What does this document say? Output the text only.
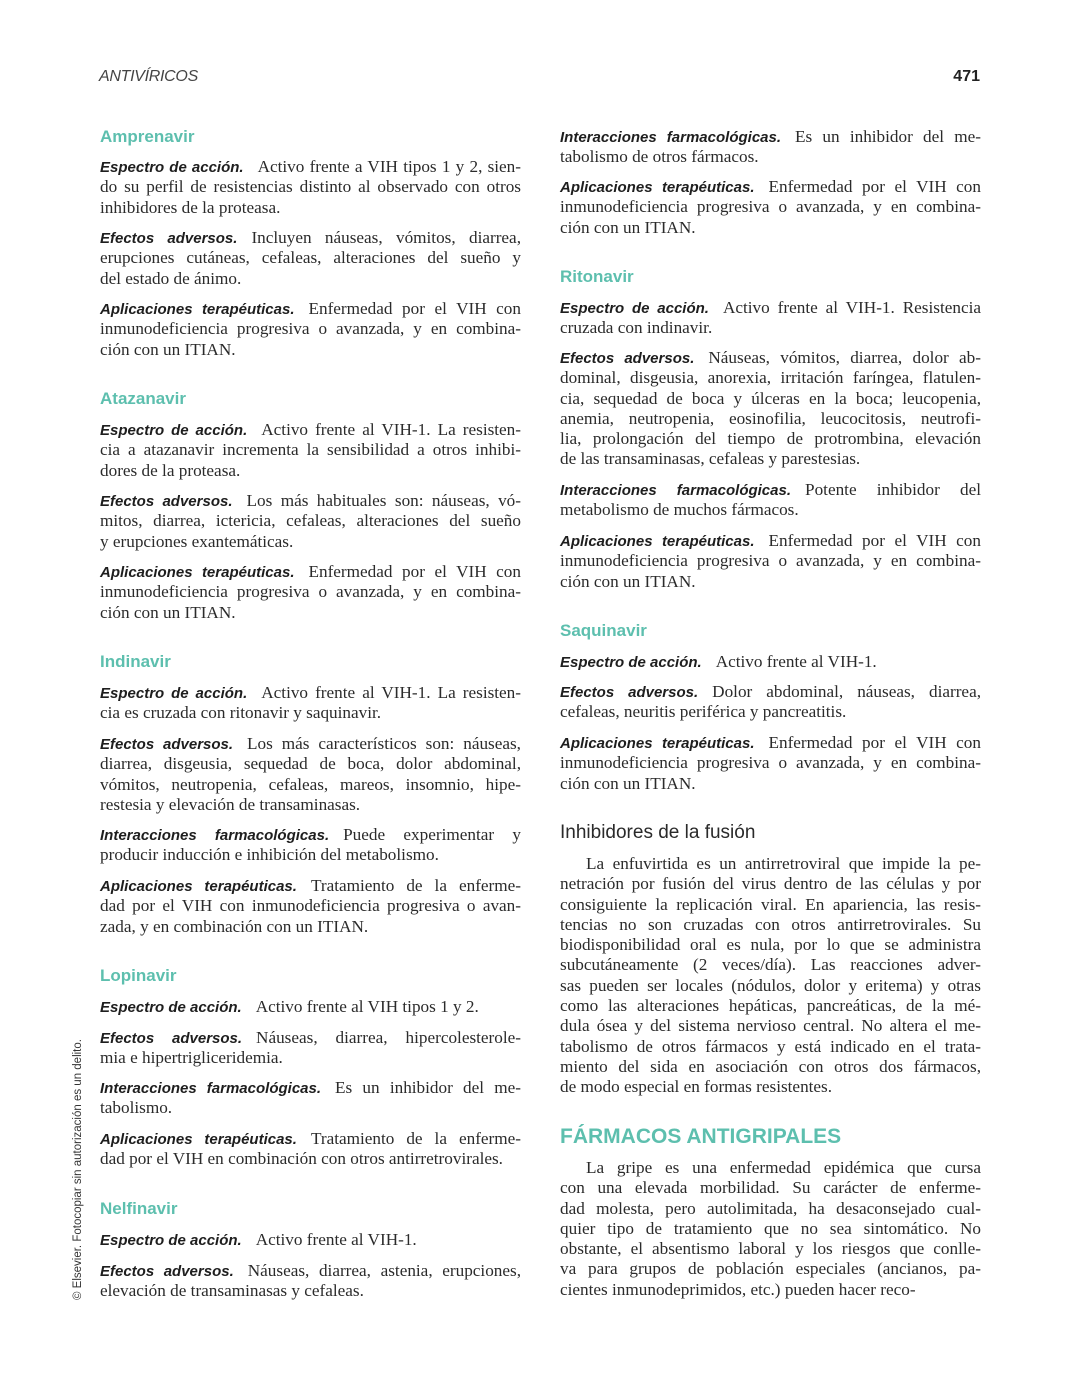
ANTIVÍRICOS	471
© Elsevier. Fotocopiar sin autorización es un delito.
Amprenavir
Espectro de acción. Activo frente a VIH tipos 1 y 2, sien-
do su perfil de resistencias distinto al observado con otros
inhibidores de la proteasa.
Efectos adversos. Incluyen náuseas, vómitos, diarrea,
erupciones cutáneas, cefaleas, alteraciones del sueño y
del estado de ánimo.
Aplicaciones terapéuticas. Enfermedad por el VIH con
inmunodeficiencia progresiva o avanzada, y en combina-
ción con un ITIAN.
Atazanavir
Espectro de acción. Activo frente al VIH-1. La resisten-
cia a atazanavir incrementa la sensibilidad a otros inhibi-
dores de la proteasa.
Efectos adversos. Los más habituales son: náuseas, vó-
mitos, diarrea, ictericia, cefaleas, alteraciones del sueño
y erupciones exantemáticas.
Aplicaciones terapéuticas. Enfermedad por el VIH con
inmunodeficiencia progresiva o avanzada, y en combina-
ción con un ITIAN.
Indinavir
Espectro de acción. Activo frente al VIH-1. La resisten-
cia es cruzada con ritonavir y saquinavir.
Efectos adversos. Los más característicos son: náuseas,
diarrea, disgeusia, sequedad de boca, dolor abdominal,
vómitos, neutropenia, cefaleas, mareos, insomnio, hipe-
restesia y elevación de transaminasas.
Interacciones farmacológicas. Puede experimentar y
producir inducción e inhibición del metabolismo.
Aplicaciones terapéuticas. Tratamiento de la enferme-
dad por el VIH con inmunodeficiencia progresiva o avan-
zada, y en combinación con un ITIAN.
Lopinavir
Espectro de acción. Activo frente al VIH tipos 1 y 2.
Efectos adversos. Náuseas, diarrea, hipercolesterole-
mia e hipertrigliceridemia.
Interacciones farmacológicas. Es un inhibidor del me-
tabolismo.
Aplicaciones terapéuticas. Tratamiento de la enferme-
dad por el VIH en combinación con otros antirretrovirales.
Nelfinavir
Espectro de acción. Activo frente al VIH-1.
Efectos adversos. Náuseas, diarrea, astenia, erupciones,
elevación de transaminasas y cefaleas.
Interacciones farmacológicas. Es un inhibidor del me-
tabolismo de otros fármacos.
Aplicaciones terapéuticas. Enfermedad por el VIH con
inmunodeficiencia progresiva o avanzada, y en combina-
ción con un ITIAN.
Ritonavir
Espectro de acción. Activo frente al VIH-1. Resistencia
cruzada con indinavir.
Efectos adversos. Náuseas, vómitos, diarrea, dolor ab-
dominal, disgeusia, anorexia, irritación faríngea, flatulen-
cia, sequedad de boca y úlceras en la boca; leucopenia,
anemia, neutropenia, eosinofilia, leucocitosis, neutrofi-
lia, prolongación del tiempo de protrombina, elevación
de las transaminasas, cefaleas y parestesias.
Interacciones farmacológicas. Potente inhibidor del
metabolismo de muchos fármacos.
Aplicaciones terapéuticas. Enfermedad por el VIH con
inmunodeficiencia progresiva o avanzada, y en combina-
ción con un ITIAN.
Saquinavir
Espectro de acción. Activo frente al VIH-1.
Efectos adversos. Dolor abdominal, náuseas, diarrea,
cefaleas, neuritis periférica y pancreatitis.
Aplicaciones terapéuticas. Enfermedad por el VIH con
inmunodeficiencia progresiva o avanzada, y en combina-
ción con un ITIAN.
Inhibidores de la fusión
La enfuvirtida es un antirretroviral que impide la pe-
netración por fusión del virus dentro de las células y por
consiguiente la replicación viral. En apariencia, las resis-
tencias no son cruzadas con otros antirretrovirales. Su
biodisponibilidad oral es nula, por lo que se administra
subcutáneamente (2 veces/día). Las reacciones adver-
sas pueden ser locales (nódulos, dolor y eritema) y otras
como las alteraciones hepáticas, pancreáticas, de la mé-
dula ósea y del sistema nervioso central. No altera el me-
tabolismo de otros fármacos y está indicado en el trata-
miento del sida en asociación con otros dos fármacos,
de modo especial en formas resistentes.
FÁRMACOS ANTIGRIPALES
La gripe es una enfermedad epidémica que cursa
con una elevada morbilidad. Su carácter de enferme-
dad molesta, pero autolimitada, ha desaconsejado cual-
quier tipo de tratamiento que no sea sintomático. No
obstante, el absentismo laboral y los riesgos que conlle-
va para grupos de población especiales (ancianos, pa-
cientes inmunodeprimidos, etc.) pueden hacer reco-
